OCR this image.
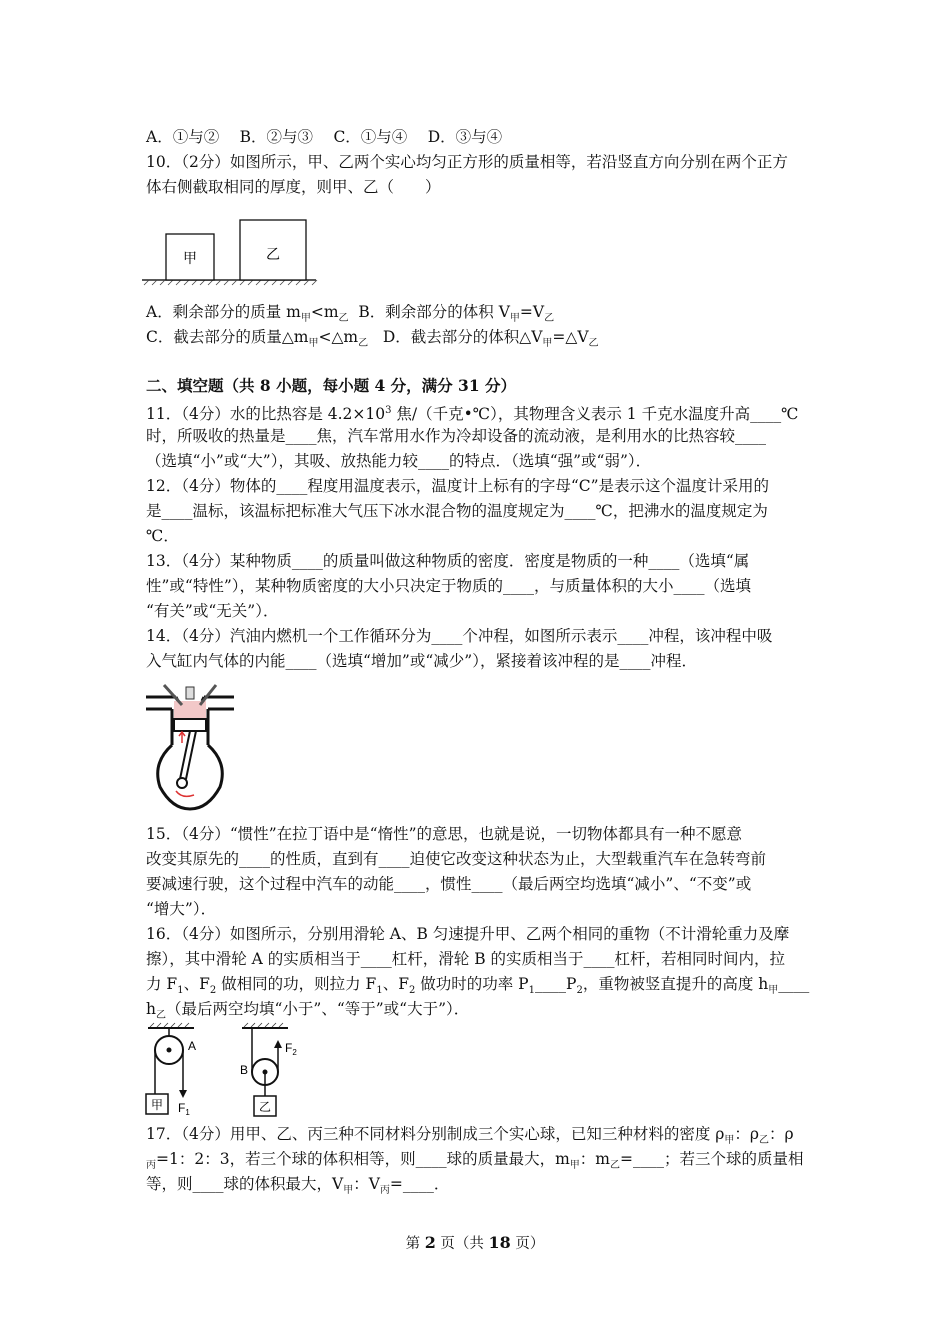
A．①与②　 B．②与③　 C．①与④　 D．③与④
10．（2分）如图所示，甲、乙两个实心均匀正方形的质量相等，若沿竖直方向分别在两个正方
体右侧截取相同的厚度，则甲、乙（　　）
甲	乙
A．剩余部分的质量 $m_甲<m_乙$ B．剩余部分的体积 $V_甲=V_乙$
C．截去部分的质量$\triangle m_甲<\triangle m_乙$ D．截去部分的体积$\triangle V_甲=\triangle V_乙$
二、填空题（共 8 小题，每小题 4 分，满分 31 分）
11．（4分）水的比热容是 $4.2\times 10^3$ 焦/（千克•℃），其物理含义表示 1 千克水温度升高____℃
时，所吸收的热量是____焦，汽车常用水作为冷却设备的流动液，是利用水的比热容较____
（选填“小”或“大”），其吸、放热能力较____的特点．（选填“强”或“弱”）．
12．（4分）物体的____程度用温度表示，温度计上标有的字母“C”是表示这个温度计采用的
是____温标，该温标把标准大气压下冰水混合物的温度规定为____℃，把沸水的温度规定为
℃．
13．（4分）某种物质____的质量叫做这种物质的密度．密度是物质的一种____（选填“属
性”或“特性”），某种物质密度的大小只决定于物质的____，与质量体积的大小____（选填
“有关”或“无关”）．
14．（4分）汽油内燃机一个工作循环分为____个冲程，如图所示表示____冲程，该冲程中吸
入气缸内气体的内能____（选填“增加”或“减少”），紧接着该冲程的是____冲程．
15．（4分）“惯性”在拉丁语中是“惰性”的意思，也就是说，一切物体都具有一种不愿意
改变其原先的____的性质，直到有____迫使它改变这种状态为止，大型载重汽车在急转弯前
要减速行驶，这个过程中汽车的动能____，惯性____（最后两空均选填“减小”、“不变”或
“增大”）．
16．（4分）如图所示，分别用滑轮 A、B 匀速提升甲、乙两个相同的重物（不计滑轮重力及摩
擦），其中滑轮 A 的实质相当于____杠杆，滑轮 B 的实质相当于____杠杆，若相同时间内，拉
力 $F_1$、$F_2$ 做相同的功，则拉力 $F_1$、$F_2$ 做功时的功率 $P_1\_\_\_\_P_2$，重物被竖直提升的高度 $h_甲\_\_\_\_$
$h_乙$（最后两空均填“小于”、“等于”或“大于”）．
A
甲 $F_1$
B
$F_2$
乙
17．（4分）用甲、乙、丙三种不同材料分别制成三个实心球，已知三种材料的密度 $\rho_甲$：$\rho_乙$：ρ
$_丙$=1：2：3，若三个球的体积相等，则____球的质量最大，$m_甲$：$m_乙=\_\_\_\_$；若三个球的质量相
等，则____球的体积最大，$V_甲$：$V_丙=\_\_\_\_$．
第 2 页（共 18 页）
